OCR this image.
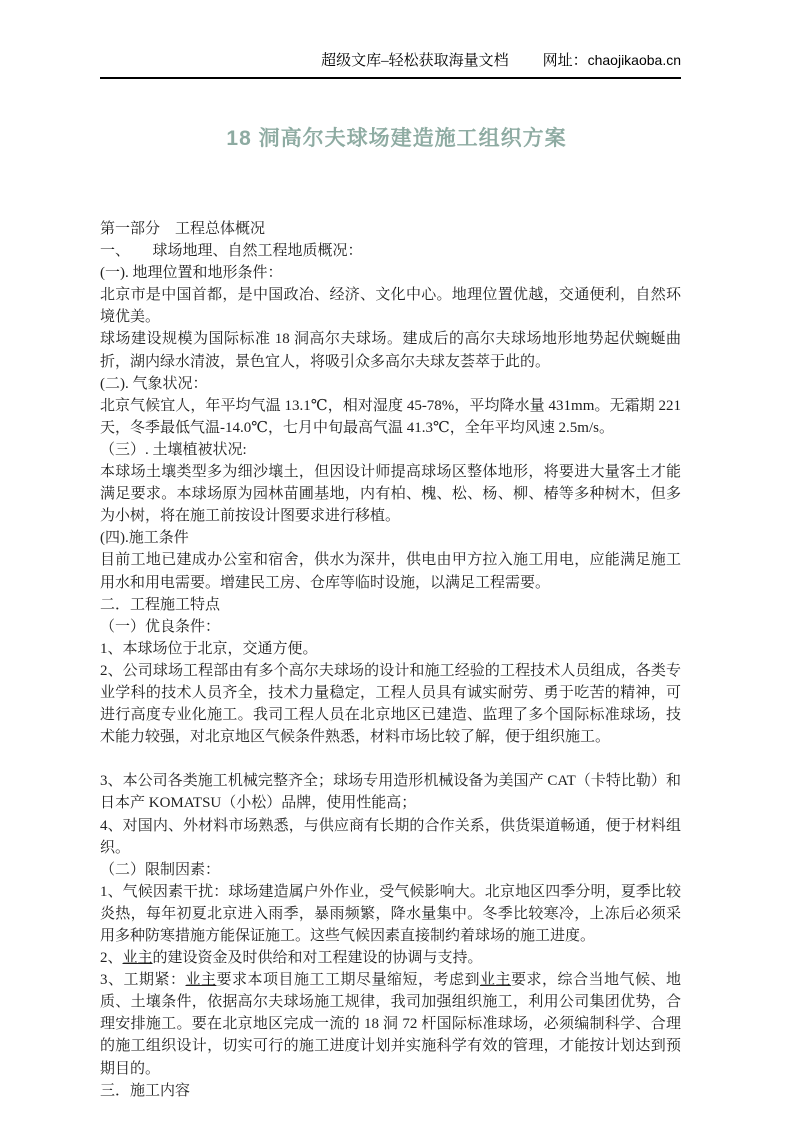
超级文库–轻松获取海量文档 网址：chaojikaoba.cn
18 洞高尔夫球场建造施工组织方案

第一部分　工程总体概况

一、　　球场地理、自然工程地质概况：

(一). 地理位置和地形条件：

北京市是中国首都，是中国政冶、经济、文化中心。地理位置优越，交通便利，自然环境优美。

球场建设规模为国际标准 18 洞高尔夫球场。建成后的高尔夫球场地形地势起伏蜿蜒曲折，湖内绿水清波，景色宜人，将吸引众多高尔夫球友荟萃于此的。

(二). 气象状况：

北京气候宜人，年平均气温 13.1℃，相对湿度 45-78%，平均降水量 431mm。无霜期 221 天，冬季最低气温-14.0℃，七月中旬最高气温 41.3℃，全年平均风速 2.5m/s。

（三）. 土壤植被状况:

本球场土壤类型多为细沙壤土，但因设计师提高球场区整体地形，将要进大量客土才能满足要求。本球场原为园林苗圃基地，内有柏、槐、松、杨、柳、椿等多种树木，但多为小树，将在施工前按设计图要求进行移植。

(四).施工条件

目前工地已建成办公室和宿舍，供水为深井，供电由甲方拉入施工用电，应能满足施工用水和用电需要。增建民工房、仓库等临时设施，以满足工程需要。

二．工程施工特点

（一）优良条件：

1、本球场位于北京，交通方便。

2、公司球场工程部由有多个高尔夫球场的设计和施工经验的工程技术人员组成，各类专业学科的技术人员齐全，技术力量稳定，工程人员具有诚实耐劳、勇于吃苦的精神，可进行高度专业化施工。我司工程人员在北京地区已建造、监理了多个国际标准球场，技术能力较强，对北京地区气候条件熟悉，材料市场比较了解，便于组织施工。

3、本公司各类施工机械完整齐全；球场专用造形机械设备为美国产 CAT（卡特比勒）和日本产 KOMATSU（小松）品牌，使用性能高；

4、对国内、外材料市场熟悉，与供应商有长期的合作关系，供货渠道畅通，便于材料组织。

（二）限制因素：

1、气候因素干扰：球场建造属户外作业，受气候影响大。北京地区四季分明，夏季比较炎热，每年初夏北京进入雨季，暴雨频繁，降水量集中。冬季比较寒冷，上冻后必须采用多种防寒措施方能保证施工。这些气候因素直接制约着球场的施工进度。

2、业主的建设资金及时供给和对工程建设的协调与支持。

3、工期紧：业主要求本项目施工工期尽量缩短，考虑到业主要求，综合当地气候、地质、土壤条件，依据高尔夫球场施工规律，我司加强组织施工，利用公司集团优势，合理安排施工。要在北京地区完成一流的 18 洞 72 杆国际标准球场，必须编制科学、合理的施工组织设计，切实可行的施工进度计划并实施科学有效的管理，才能按计划达到预期目的。

三．施工内容
